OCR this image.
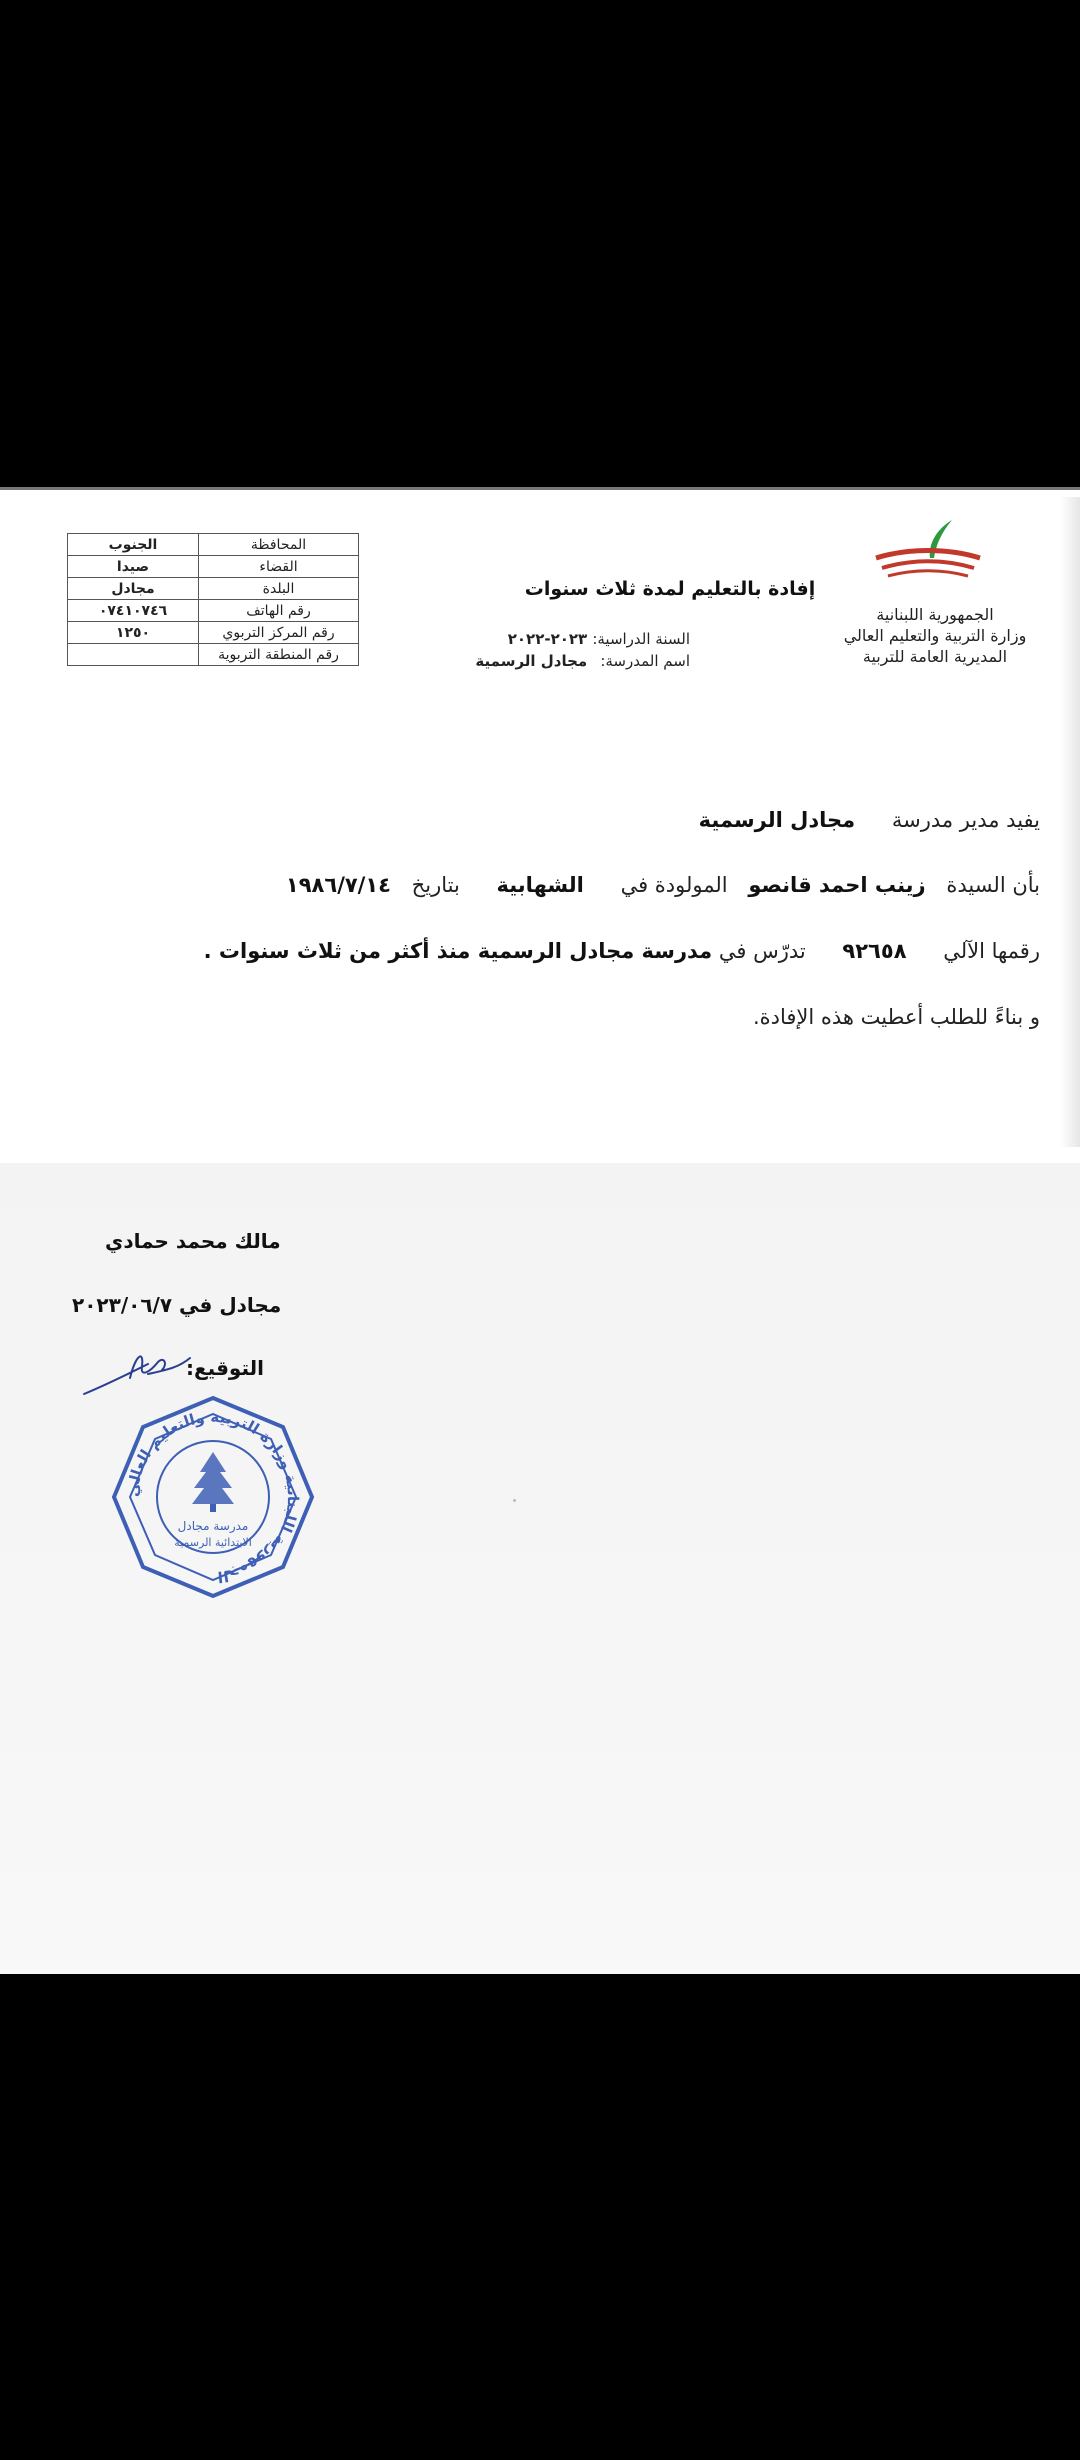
الجمهورية اللبنانية
وزارة التربية والتعليم العالي
المديرية العامة للتربية
إفادة بالتعليم لمدة ثلاث سنوات
السنة الدراسية: ٢٠٢٣-٢٠٢٢
اسم المدرسة: مجادل الرسمية
المحافظة	الجنوب
القضاء	صيدا
البلدة	مجادل
رقم الهاتف	٠٧٤١٠٧٤٦
رقم المركز التربوي	١٢٥٠
رقم المنطقة التربوية	
يفيد مدير مدرسة مجادل الرسمية
بأن السيدة زينب احمد قانصو المولودة في الشهابية بتاريخ ١٩٨٦/٧/١٤
رقمها الآلي ٩٢٦٥٨ تدرّس في مدرسة مجادل الرسمية منذ أكثر من ثلاث سنوات .
و بناءً للطلب أعطيت هذه الإفادة.
مالك محمد حمادي
مجادل في ٢٠٢٣/٠٦/٧
التوقيع:
مدرسة مجادل
الابتدائية الرسمية
الجمهورية اللبنانية وزارة التربية والتعليم العالي
